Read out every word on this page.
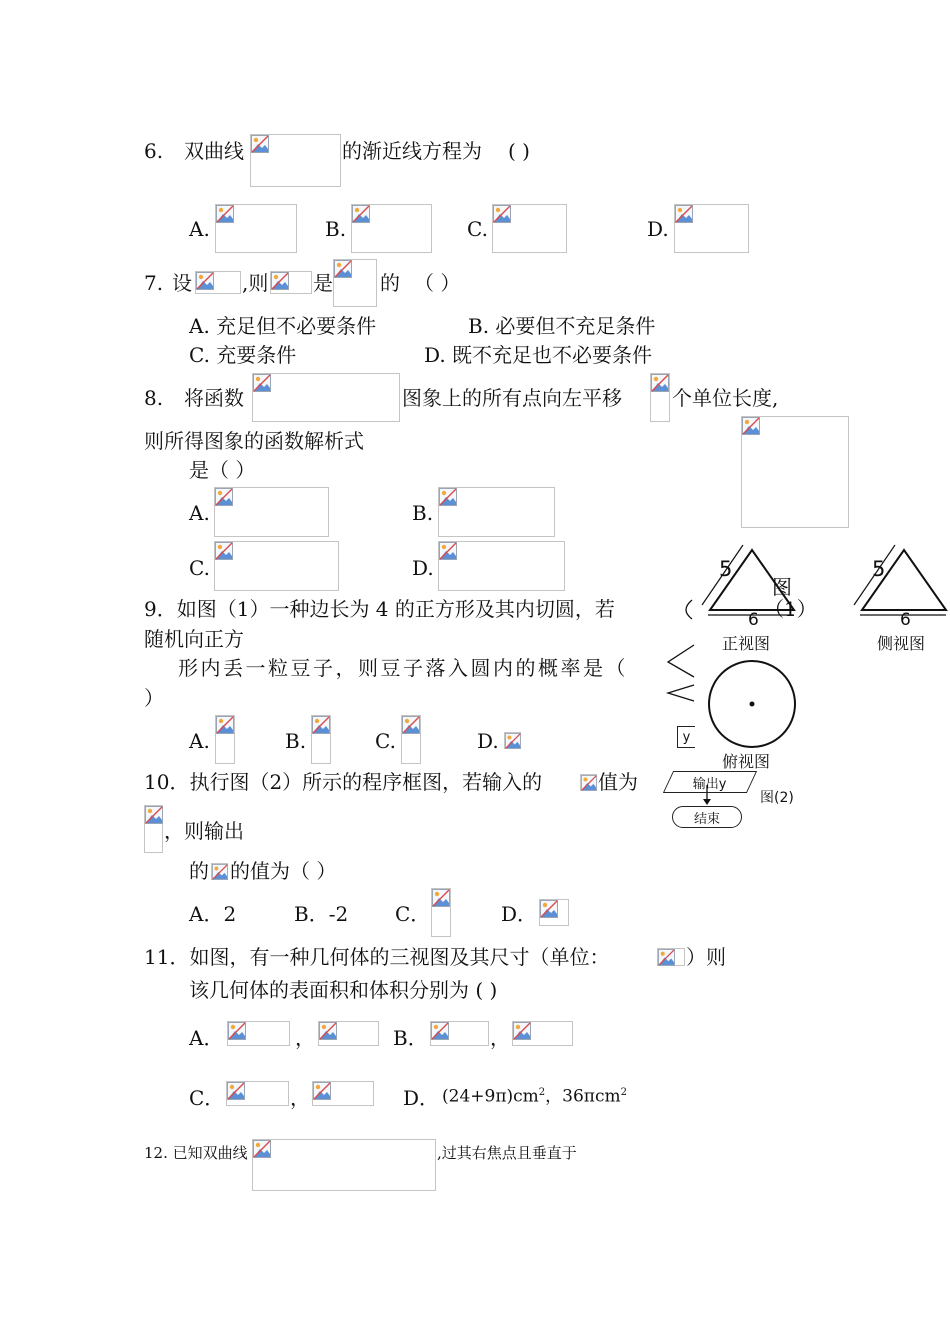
6. 双曲线	的渐近线方程为 ( )
A.	B.	C.	D.
7. 设	,则 是 的 （ ）
A. 充足但不必要条件	B. 必要但不充足条件
C. 充要条件	D. 既不充足也不必要条件
8. 将函数	图象上的所有点向左平移	个单位长度,
则所得图象的函数解析式
是（ ）
A.	B.
C.	D.
9．如图（1）一种边长为 4 的正方形及其内切圆，若
随机向正方
形内丢一粒豆子，则豆子落入圆内的概率是（
）
A.	B.	C.	D.
10．执行图（2）所示的程序框图，若输入的	值为
，则输出
的 的值为（ ）
A．2	B．-2 C．	D．
11．如图，有一种几何体的三视图及其尺寸（单位：	）则
该几何体的表面积和体积分别为 ( )
A．	，	B．	，
C．	，	D． $(24+9\pi)cm^2$，36πcm$^2$
12. 已知双曲线	,过其右焦点且垂直于
5
6
5
6
图
（1）
正视图	侧视图
俯视图
y
输出y
结束
图(2)
